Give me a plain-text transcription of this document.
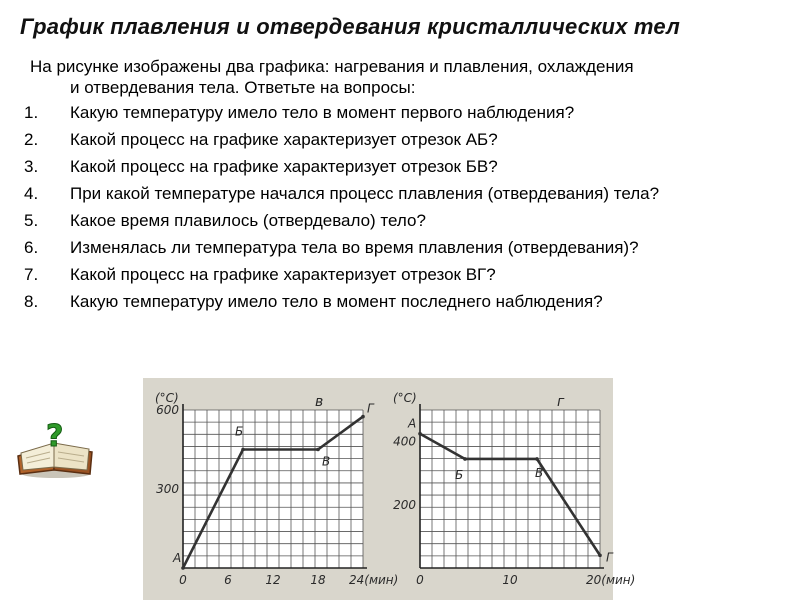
График плавления и отвердевания кристаллических тел
На рисунке изображены два графика: нагревания и плавления, охлаждения
и отвердевания тела. Ответьте на вопросы:
1.	Какую температуру имело тело в момент первого наблюдения?
2.	Какой процесс на графике характеризует отрезок АБ?
3.	Какой процесс на графике характеризует отрезок БВ?
4.	При какой температуре начался процесс плавления (отвердевания) тела?
5.	Какое время плавилось (отвердевало) тело?
6.	Изменялась ли температура тела во время плавления (отвердевания)?
7.	Какой процесс на графике характеризует отрезок ВГ?
8.	Какую температуру имело тело в момент последнего наблюдения?
?
(°C)	в
300
600
0	6	12 18 24(мин)
А
Б
В
Г
(°C)	г
200
400
0	10	20(мин)
А
Б	В
Г
